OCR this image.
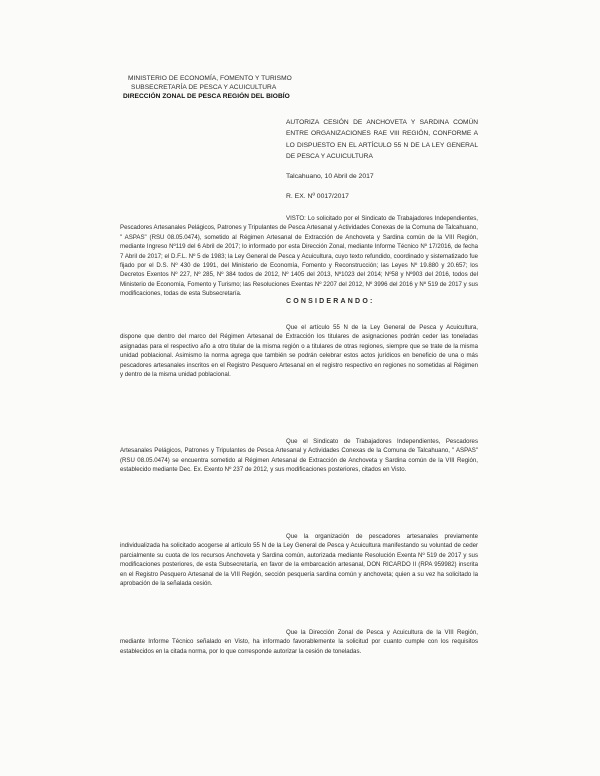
MINISTERIO DE ECONOMÍA, FOMENTO Y TURISMO
SUBSECRETARÍA DE PESCA Y ACUICULTURA
DIRECCIÓN ZONAL DE PESCA REGIÓN DEL BIOBÍO
AUTORIZA CESIÓN DE ANCHOVETA Y SARDINA COMÚN ENTRE ORGANIZACIONES RAE VIII REGIÓN, CONFORME A LO DISPUESTO EN EL ARTÍCULO 55 N DE LA LEY GENERAL DE PESCA Y ACUICULTURA
Talcahuano, 10 Abril de 2017
R. EX. Nº 0017/2017
VISTO: Lo solicitado por el Sindicato de Trabajadores Independientes, Pescadores Artesanales Pelágicos, Patrones y Tripulantes de Pesca Artesanal y Actividades Conexas de la Comuna de Talcahuano, " ASPAS" (RSU 08.05.0474), sometido al Régimen Artesanal de Extracción de Anchoveta y Sardina común de la VIII Región, mediante Ingreso Nº119 del 6 Abril de 2017; lo informado por esta Dirección Zonal, mediante Informe Técnico Nº 17/2016, de fecha 7 Abril de 2017; el D.F.L. Nº 5 de 1983; la Ley General de Pesca y Acuicultura, cuyo texto refundido, coordinado y sistematizado fue fijado por el D.S. Nº 430 de 1991, del Ministerio de Economía, Fomento y Reconstrucción; las Leyes Nº 19.880 y 20.657; los Decretos Exentos Nº 227, Nº 285, Nº 384 todos de 2012, Nº 1405 del 2013, Nº1023 del 2014; Nº58 y Nº903 del 2016, todos del Ministerio de Economía, Fomento y Turismo; las Resoluciones Exentas Nº 2207 del 2012, Nº 3996 del 2016 y Nº 519 de 2017 y sus modificaciones, todas de esta Subsecretaría.
CONSIDERANDO:
Que el artículo 55 N de la Ley General de Pesca y Acuicultura, dispone que dentro del marco del Régimen Artesanal de Extracción los titulares de asignaciones podrán ceder las toneladas asignadas para el respectivo año a otro titular de la misma región o a titulares de otras regiones, siempre que se trate de la misma unidad poblacional. Asimismo la norma agrega que también se podrán celebrar estos actos jurídicos en beneficio de una o más pescadores artesanales inscritos en el Registro Pesquero Artesanal en el registro respectivo en regiones no sometidas al Régimen y dentro de la misma unidad poblacional.
Que el Sindicato de Trabajadores Independientes, Pescadores Artesanales Pelágicos, Patrones y Tripulantes de Pesca Artesanal y Actividades Conexas de la Comuna de Talcahuano, " ASPAS" (RSU 08.05.0474) se encuentra sometido al Régimen Artesanal de Extracción de Anchoveta y Sardina común de la VIII Región, establecido mediante Dec. Ex. Exento Nº 237 de 2012, y sus modificaciones posteriores, citados en Visto.
Que la organización de pescadores artesanales previamente individualizada ha solicitado acogerse al artículo 55 N de la Ley General de Pesca y Acuicultura manifestando su voluntad de ceder parcialmente su cuota de los recursos Anchoveta y Sardina común, autorizada mediante Resolución Exenta Nº 519 de 2017 y sus modificaciones posteriores, de esta Subsecretaría, en favor de la embarcación artesanal, DON RICARDO II (RPA 959982) inscrita en el Registro Pesquero Artesanal de la VIII Región, sección pesquería sardina común y anchoveta; quien a su vez ha solicitado la aprobación de la señalada cesión.
Que la Dirección Zonal de Pesca y Acuicultura de la VIII Región, mediante Informe Técnico señalado en Visto, ha informado favorablemente la solicitud por cuanto cumple con los requisitos establecidos en la citada norma, por lo que corresponde autorizar la cesión de toneladas.
